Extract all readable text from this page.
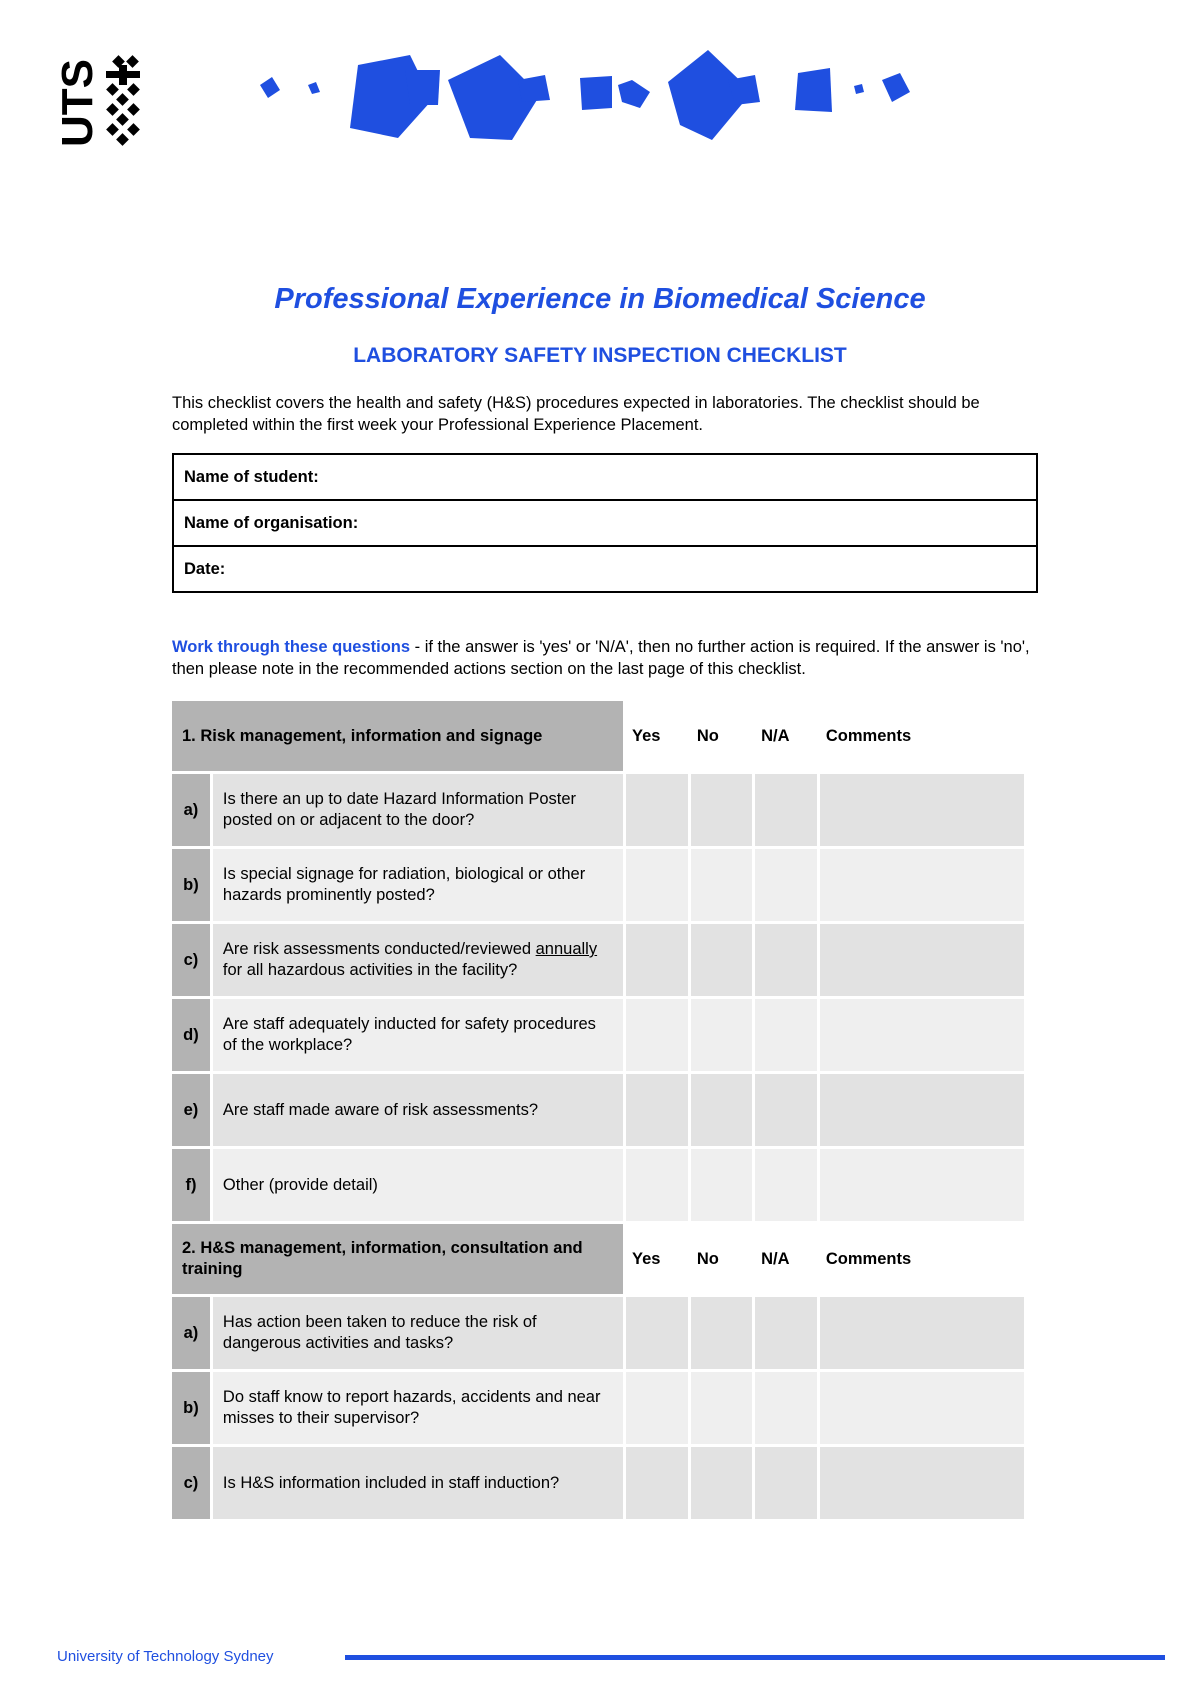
UTS
Professional Experience in Biomedical Science
LABORATORY SAFETY INSPECTION CHECKLIST
This checklist covers the health and safety (H&S) procedures expected in laboratories. The checklist should be completed within the first week your Professional Experience Placement.
Name of student:
Name of organisation:
Date:
Work through these questions - if the answer is 'yes' or 'N/A', then no further action is required. If the answer is 'no', then please note in the recommended actions section on the last page of this checklist.
1. Risk management, information and signage		Yes	No	N/A	Comments
a)	Is there an up to date Hazard Information Poster posted on or adjacent to the door?				
b)	Is special signage for radiation, biological or other hazards prominently posted?				
c)	Are risk assessments conducted/reviewed annually for all hazardous activities in the facility?				
d)	Are staff adequately inducted for safety procedures of the workplace?				
e)	Are staff made aware of risk assessments?				
f)	Other (provide detail)				
2. H&S management, information, consultation and training		Yes	No	N/A	Comments
a)	Has action been taken to reduce the risk of dangerous activities and tasks?				
b)	Do staff know to report hazards, accidents and near misses to their supervisor?				
c)	Is H&S information included in staff induction?				
University of Technology Sydney
